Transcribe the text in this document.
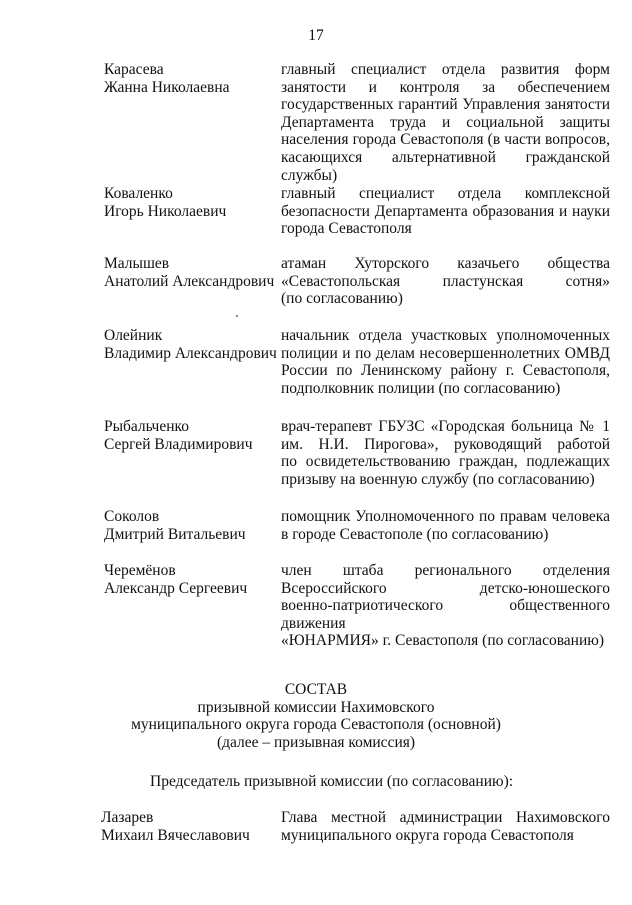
17
Карасева
Жанна Николаевна
главный специалист отдела развития форм
занятости и контроля за обеспечением
государственных гарантий Управления занятости
Департамента труда и социальной защиты
населения города Севастополя (в части вопросов,
касающихся альтернативной гражданской службы)
Коваленко
Игорь Николаевич
главный специалист отдела комплексной
безопасности Департамента образования и науки
города Севастополя
Малышев
Анатолий Александрович
атаман Хуторского казачьего общества
«Севастопольская пластунская сотня»
(по согласованию)
Олейник
Владимир Александрович
начальник отдела участковых уполномоченных
полиции и по делам несовершеннолетних ОМВД
России по Ленинскому району г. Севастополя,
подполковник полиции (по согласованию)
Рыбальченко
Сергей Владимирович
врач-терапевт ГБУЗС «Городская больница № 1
им. Н.И. Пирогова», руководящий работой
по освидетельствованию граждан, подлежащих
призыву на военную службу (по согласованию)
Соколов
Дмитрий Витальевич
помощник Уполномоченного по правам человека
в городе Севастополе (по согласованию)
Черемёнов
Александр Сергеевич
член штаба регионального отделения
Всероссийского детско-юношеского
военно-патриотического общественного движения
«ЮНАРМИЯ» г. Севастополя (по согласованию)
СОСТАВ
призывной комиссии Нахимовского
муниципального округа города Севастополя (основной)
(далее – призывная комиссия)
Председатель призывной комиссии (по согласованию):
Лазарев
Михаил Вячеславович
Глава местной администрации Нахимовского
муниципального округа города Севастополя
